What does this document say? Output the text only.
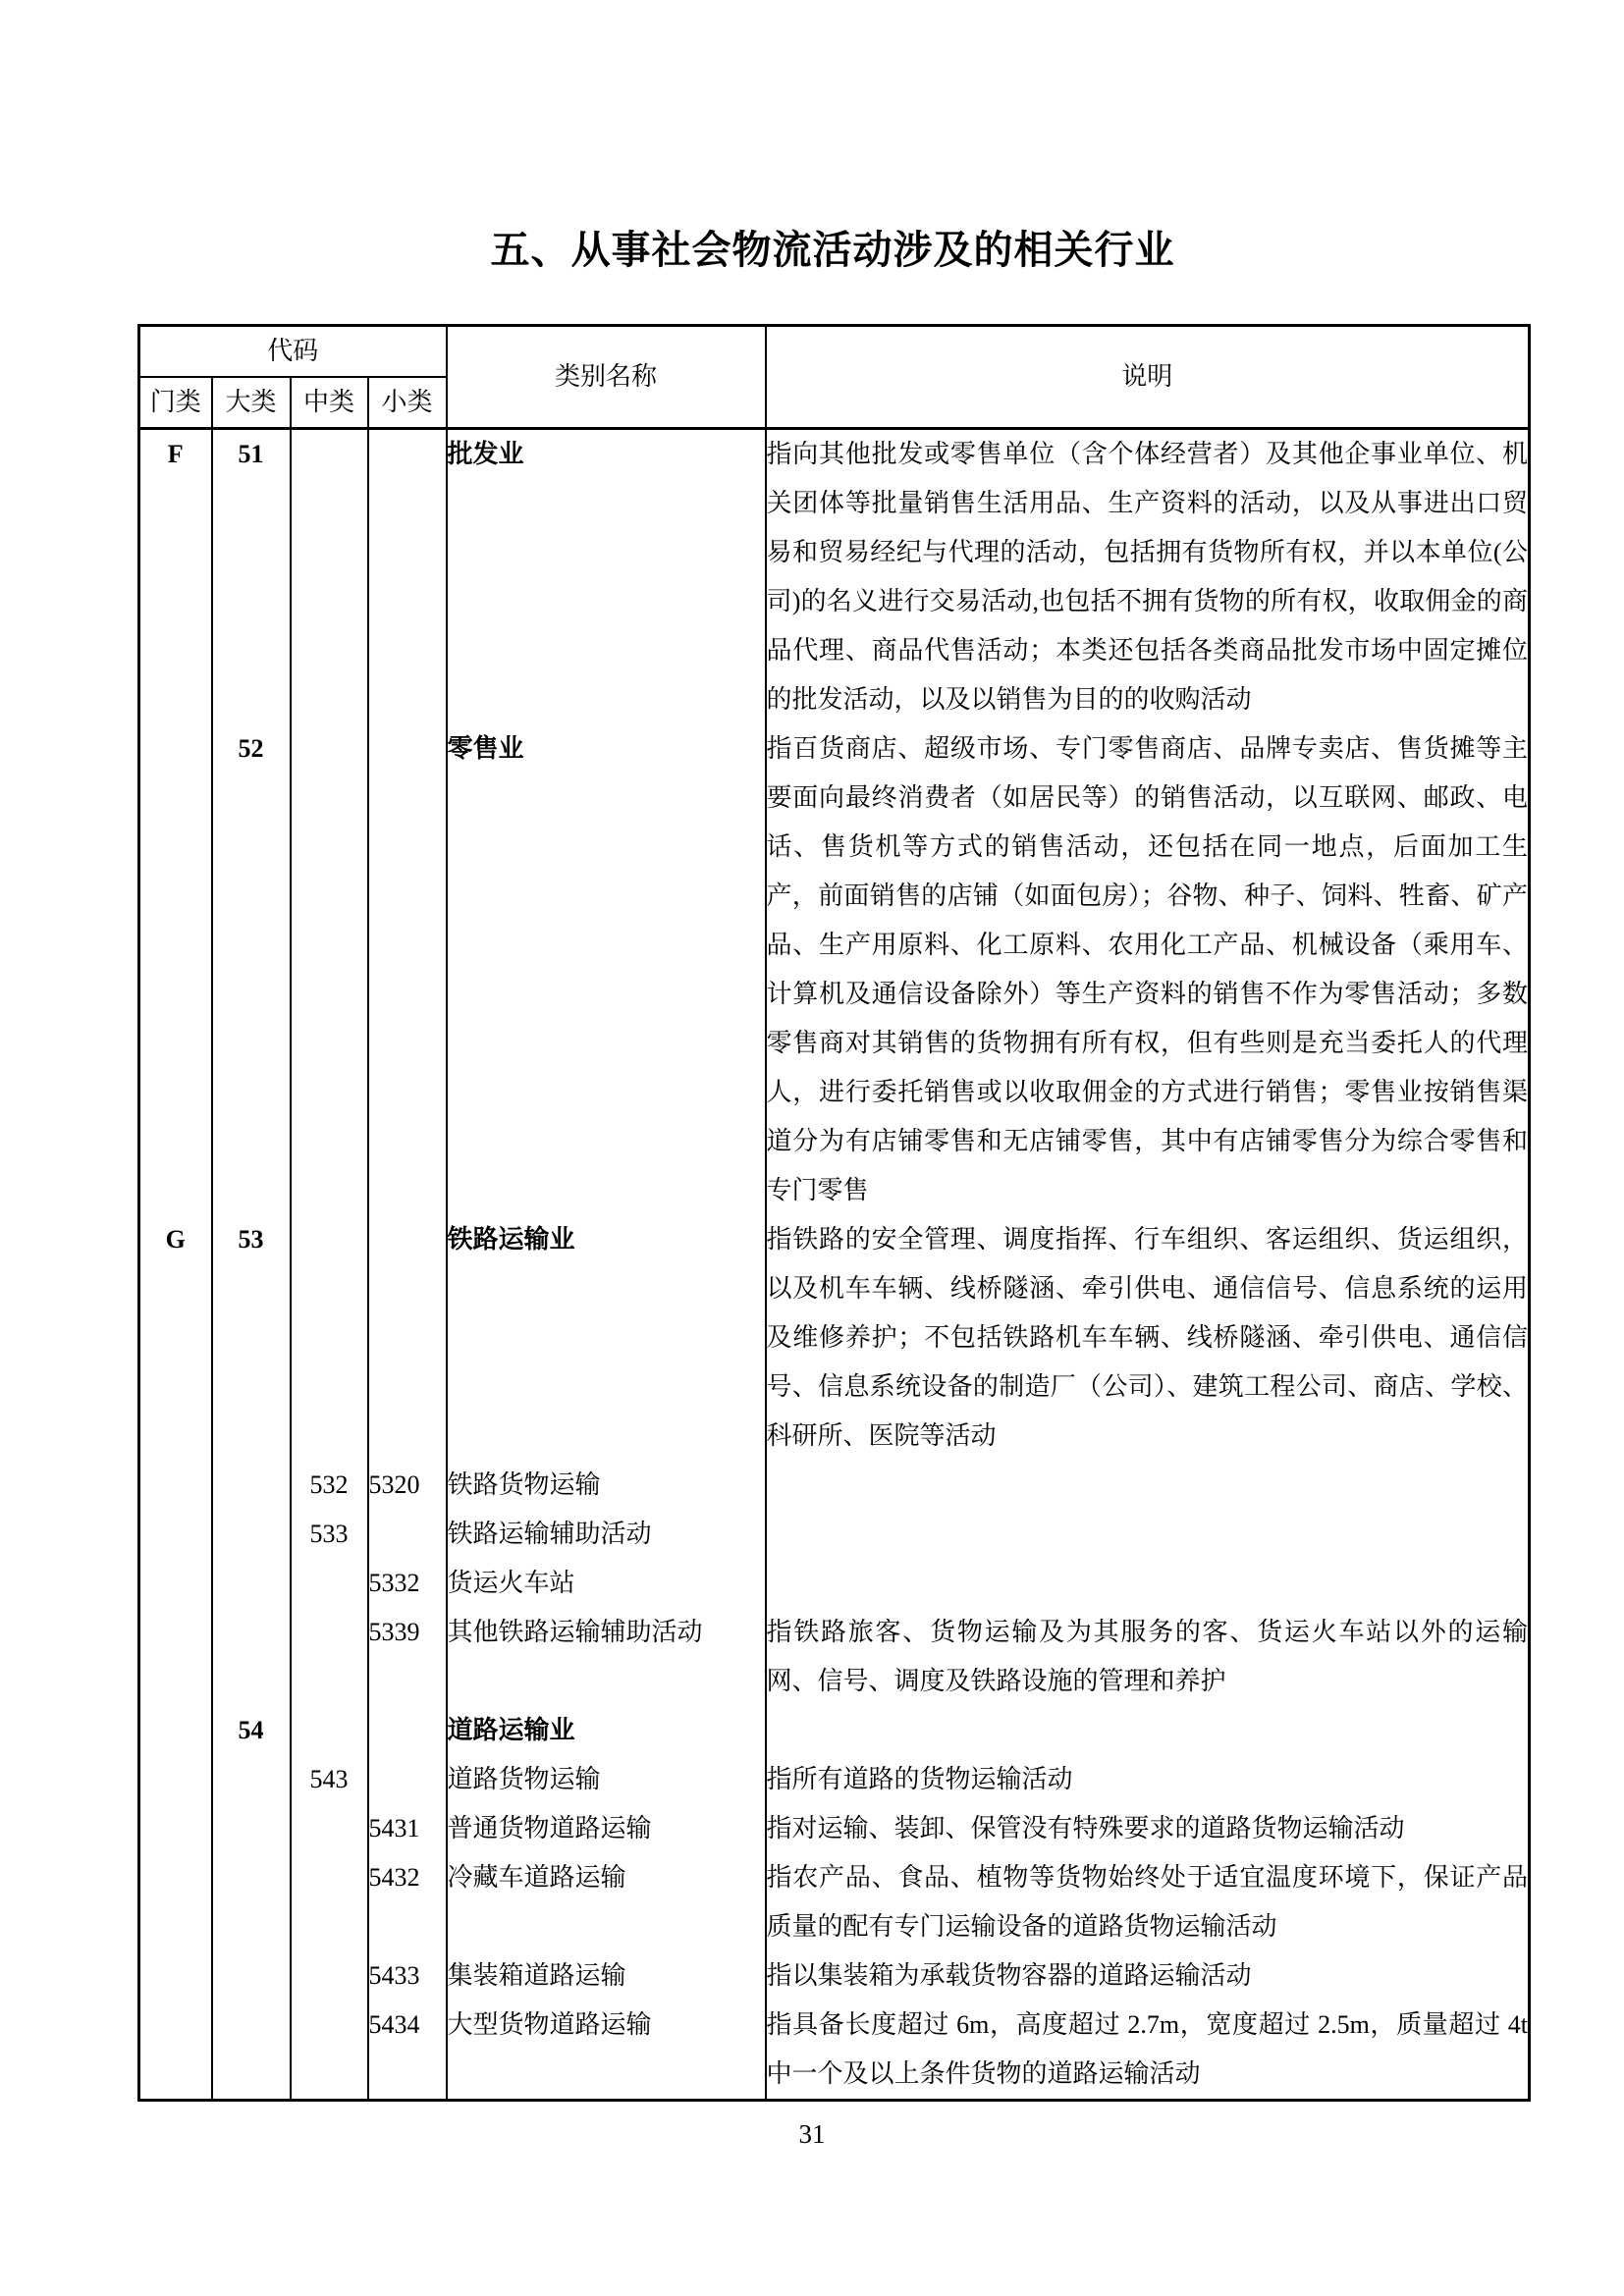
五、从事社会物流活动涉及的相关行业
代码				类别名称	说明
门类	大类	中类	小类		
F	51			批发业	指向其他批发或零售单位（含个体经营者）及其他企事业单位、机关团体等批量销售生活用品、生产资料的活动，以及从事进出口贸易和贸易经纪与代理的活动，包括拥有货物所有权，并以本单位(公司)的名义进行交易活动,也包括不拥有货物的所有权，收取佣金的商品代理、商品代售活动；本类还包括各类商品批发市场中固定摊位的批发活动，以及以销售为目的的收购活动
	52			零售业	指百货商店、超级市场、专门零售商店、品牌专卖店、售货摊等主要面向最终消费者（如居民等）的销售活动，以互联网、邮政、电话、售货机等方式的销售活动，还包括在同一地点，后面加工生产，前面销售的店铺（如面包房）；谷物、种子、饲料、牲畜、矿产品、生产用原料、化工原料、农用化工产品、机械设备（乘用车、计算机及通信设备除外）等生产资料的销售不作为零售活动；多数零售商对其销售的货物拥有所有权，但有些则是充当委托人的代理人，进行委托销售或以收取佣金的方式进行销售；零售业按销售渠道分为有店铺零售和无店铺零售，其中有店铺零售分为综合零售和专门零售
G	53			铁路运输业	指铁路的安全管理、调度指挥、行车组织、客运组织、货运组织，以及机车车辆、线桥隧涵、牵引供电、通信信号、信息系统的运用及维修养护；不包括铁路机车车辆、线桥隧涵、牵引供电、通信信号、信息系统设备的制造厂（公司）、建筑工程公司、商店、学校、科研所、医院等活动
		532	5320	铁路货物运输	
		533		铁路运输辅助活动	
			5332	货运火车站	
			5339	其他铁路运输辅助活动	指铁路旅客、货物运输及为其服务的客、货运火车站以外的运输网、信号、调度及铁路设施的管理和养护
	54			道路运输业	
		543		道路货物运输	指所有道路的货物运输活动
			5431	普通货物道路运输	指对运输、装卸、保管没有特殊要求的道路货物运输活动
			5432	冷藏车道路运输	指农产品、食品、植物等货物始终处于适宜温度环境下，保证产品质量的配有专门运输设备的道路货物运输活动
			5433	集装箱道路运输	指以集装箱为承载货物容器的道路运输活动
			5434	大型货物道路运输	指具备长度超过 6m，高度超过 2.7m，宽度超过 2.5m，质量超过 4t 中一个及以上条件货物的道路运输活动
31
